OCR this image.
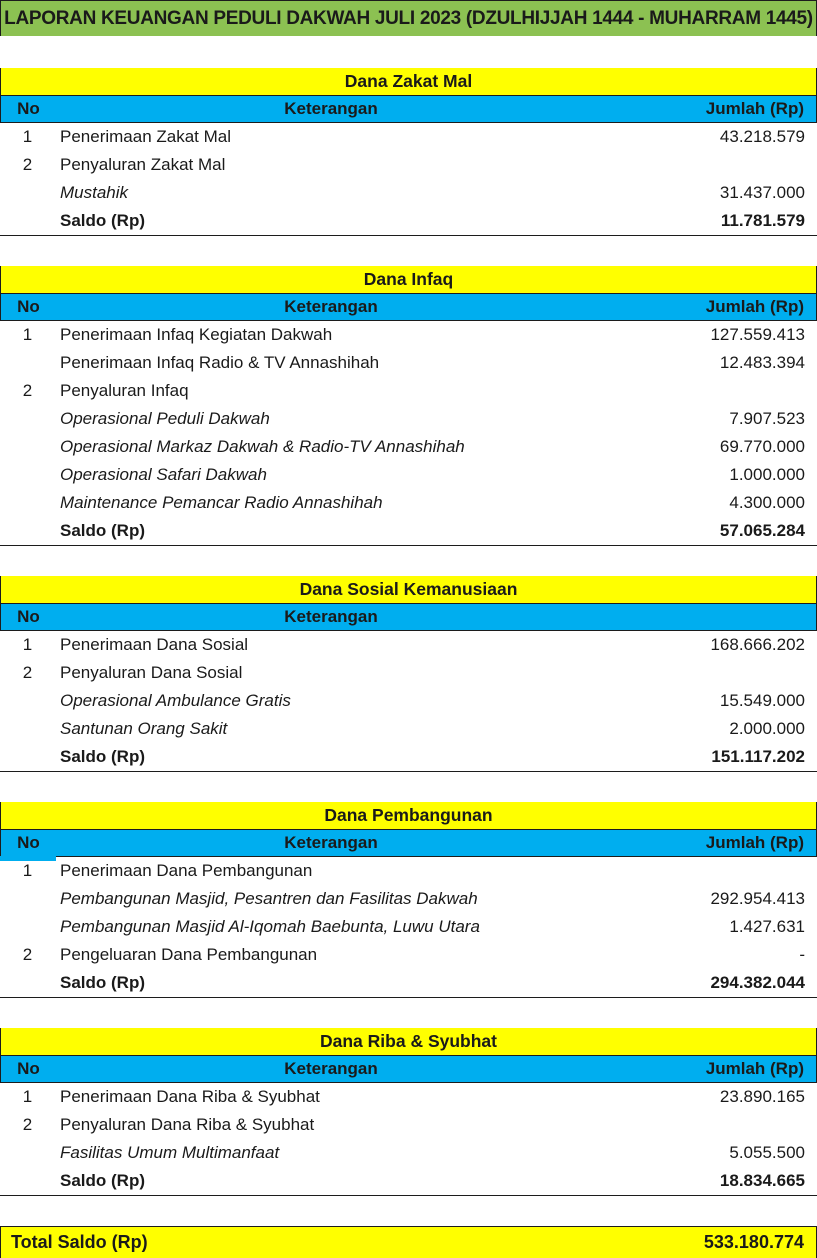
LAPORAN KEUANGAN PEDULI DAKWAH JULI 2023 (DZULHIJJAH 1444 - MUHARRAM 1445)
Dana Zakat Mal
No	Keterangan	Jumlah (Rp)
1	Penerimaan Zakat Mal	43.218.579
2	Penyaluran Zakat Mal
- Mustahik	31.437.000
Saldo (Rp)	11.781.579
Dana Infaq
No	Keterangan	Jumlah (Rp)
1	Penerimaan Infaq Kegiatan Dakwah	127.559.413
Penerimaan Infaq Radio & TV Annashihah	12.483.394
2	Penyaluran Infaq
- Operasional Peduli Dakwah	7.907.523
- Operasional Markaz Dakwah & Radio-TV Annashihah	69.770.000
- Operasional Safari Dakwah	1.000.000
- Maintenance Pemancar Radio Annashihah	4.300.000
Saldo (Rp)	57.065.284
Dana Sosial Kemanusiaan
No	Keterangan
1	Penerimaan Dana Sosial	168.666.202
2	Penyaluran Dana Sosial
- Operasional Ambulance Gratis	15.549.000
- Santunan Orang Sakit	2.000.000
Saldo (Rp)	151.117.202
Dana Pembangunan
No	Keterangan	Jumlah (Rp)
1	Penerimaan Dana Pembangunan
- Pembangunan Masjid, Pesantren dan Fasilitas Dakwah	292.954.413
- Pembangunan Masjid Al-Iqomah Baebunta, Luwu Utara	1.427.631
2	Pengeluaran Dana Pembangunan	-
Saldo (Rp)	294.382.044
Dana Riba & Syubhat
No	Keterangan	Jumlah (Rp)
1	Penerimaan Dana Riba & Syubhat	23.890.165
2	Penyaluran Dana Riba & Syubhat
- Fasilitas Umum Multimanfaat	5.055.500
Saldo (Rp)	18.834.665
Total Saldo (Rp)	533.180.774
